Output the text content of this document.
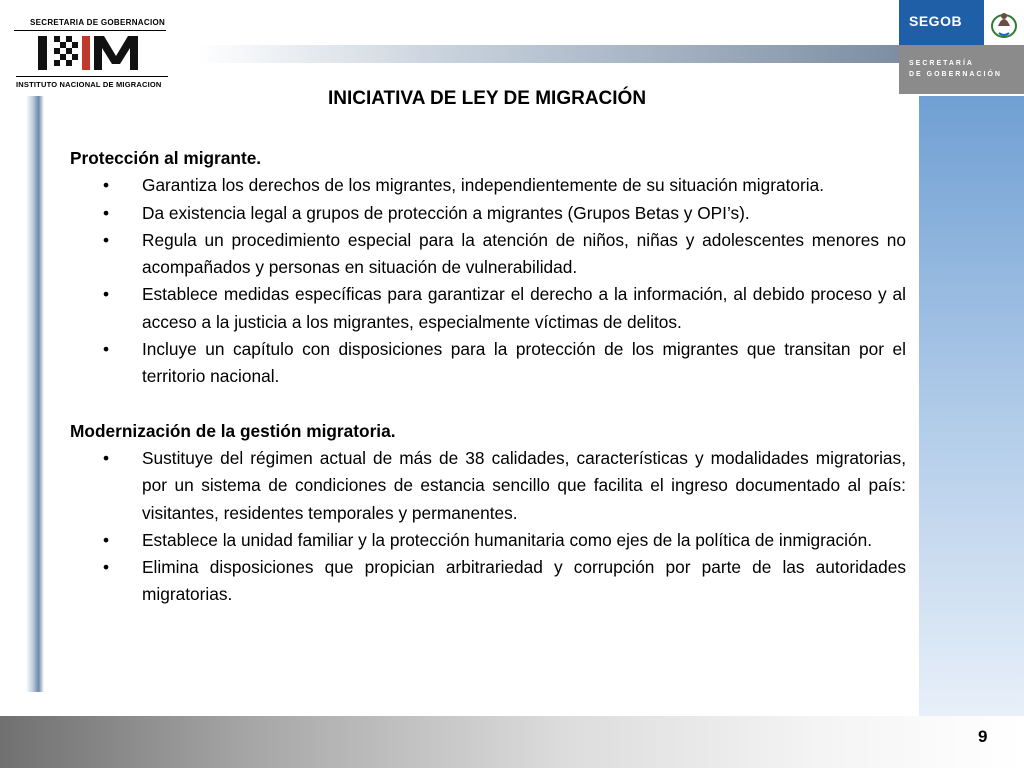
SECRETARIA DE GOBERNACION
INSTITUTO NACIONAL DE MIGRACION
SEGOB
SECRETARÍA
DE GOBERNACIÓN
INICIATIVA DE LEY DE MIGRACIÓN
Protección al migrante.
• Garantiza los derechos de los migrantes, independientemente de su situación migratoria.
• Da existencia legal a grupos de protección a migrantes (Grupos Betas y OPI’s).
• Regula un procedimiento especial para la atención de niños, niñas y adolescentes menores no acompañados y personas en situación de vulnerabilidad.
• Establece medidas específicas para garantizar el derecho a la información, al debido proceso y al acceso a la justicia a los migrantes, especialmente víctimas de delitos.
• Incluye un capítulo con disposiciones para la protección de los migrantes que transitan por el territorio nacional.
Modernización de la gestión migratoria.
• Sustituye del régimen actual de más de 38 calidades, características y modalidades migratorias, por un sistema de condiciones de estancia sencillo que facilita el ingreso documentado al país: visitantes, residentes temporales y permanentes.
• Establece la unidad familiar y la protección humanitaria como ejes de la política de inmigración.
• Elimina disposiciones que propician arbitrariedad y corrupción por parte de las autoridades migratorias.
9
